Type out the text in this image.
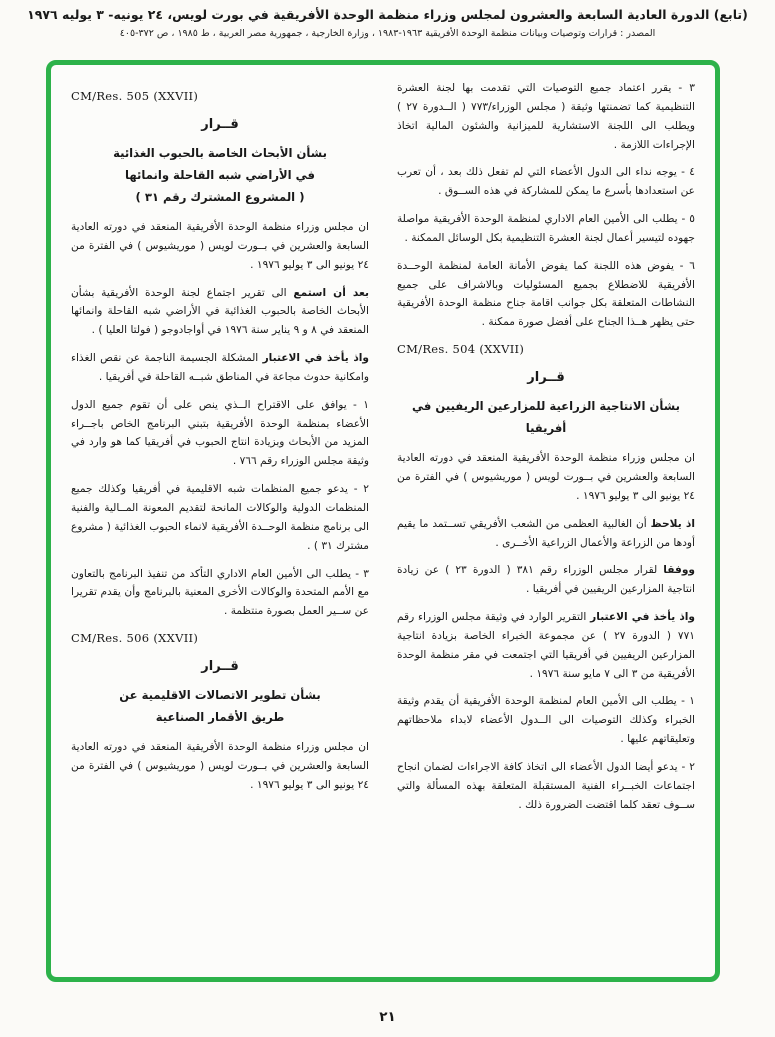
(تابع) الدورة العادية السابعة والعشرون لمجلس وزراء منظمة الوحدة الأفريقية في بورت لويس، ٢٤ يونيه- ٣ يوليه ١٩٧٦
المصدر : قرارات وتوصيات وبيانات منظمة الوحدة الأفريقية ١٩٦٣-١٩٨٣ ، وزارة الخارجية ، جمهورية مصر العربية ، ط ١٩٨٥ ، ص ٣٧٢-٤٠٥
٣ - يقرر اعتماد جميع التوصيات التي تقدمت بها لجنة العشرة التنظيمية كما تضمنتها وثيقة ( مجلس الوزراء/٧٧٣ ( الــدورة ٢٧ ) ويطلب الى اللجنة الاستشارية للميزانية والشئون المالية اتخاذ الإجراءات اللازمة .
٤ - يوجه نداء الى الدول الأعضاء التي لم تفعل ذلك بعد ، أن تعرب عن استعدادها بأسرع ما يمكن للمشاركة في هذه الســوق .
٥ - يطلب الى الأمين العام الاداري لمنظمة الوحدة الأفريقية مواصلة جهوده لتيسير أعمال لجنة العشرة التنظيمية بكل الوسائل الممكنة .
٦ - يفوض هذه اللجنة كما يفوض الأمانة العامة لمنظمة الوحــدة الأفريقية للاضطلاع بجميع المسئوليات وبالاشراف على جميع النشاطات المتعلقة بكل جوانب اقامة جناح منظمة الوحدة الأفريقية حتى يظهر هــذا الجناح على أفضل صورة ممكنة .
CM/Res. 504 (XXVII)
قــرار
بشأن الانتاجية الزراعية للمزارعين الريفيين في أفريقيا
ان مجلس وزراء منظمة الوحدة الأفريقية المنعقد في دورته العادية السابعة والعشرين في بــورت لويس ( موريشيوس ) في الفترة من ٢٤ يونيو الى ٣ يوليو ١٩٧٦ .
اذ يلاحظ أن الغالبية العظمى من الشعب الأفريقي تســتمد ما يقيم أودها من الزراعة والأعمال الزراعية الأخــرى .
ووفقا لقرار مجلس الوزراء رقم ٣٨١ ( الدورة ٢٣ ) عن زيادة انتاجية المزارعين الريفيين في أفريقيا .
واذ يأخذ في الاعتبار التقرير الوارد في وثيقة مجلس الوزراء رقم ٧٧١ ( الدورة ٢٧ ) عن مجموعة الخبراء الخاصة بزيادة انتاجية المزارعين الريفيين في أفريقيا التي اجتمعت في مقر منظمة الوحدة الأفريقية من ٣ الى ٧ مايو سنة ١٩٧٦ .
١ - يطلب الى الأمين العام لمنظمة الوحدة الأفريقية أن يقدم وثيقة الخبراء وكذلك التوصيات الى الــدول الأعضاء لابداء ملاحظاتهم وتعليقاتهم عليها .
٢ - يدعو أيضا الدول الأعضاء الى اتخاذ كافة الاجراءات لضمان انجاح اجتماعات الخبــراء الفنية المستقبلة المتعلقة بهذه المسألة والتي ســوف تعقد كلما اقتضت الضرورة ذلك .
CM/Res. 505 (XXVII)
قــرار
بشأن الأبحاث الخاصة بالحبوب الغذائية
في الأراضي شبه القاحلة وانمائها
( المشروع المشترك رقم ٣١ )
ان مجلس وزراء منظمة الوحدة الأفريقية المنعقد في دورته العادية السابعة والعشرين في بــورت لويس ( موريشيوس ) في الفترة من ٢٤ يونيو الى ٣ يوليو ١٩٧٦ .
بعد أن استمع الى تقرير اجتماع لجنة الوحدة الأفريقية بشأن الأبحاث الخاصة بالحبوب الغذائية في الأراضي شبه القاحلة وانمائها المنعقد في ٨ و ٩ يناير سنة ١٩٧٦ في أواجادوجو ( فولتا العليا ) .
واذ يأخذ في الاعتبار المشكلة الجسيمة الناجمة عن نقص الغذاء وامكانية حدوث مجاعة في المناطق شبــه القاحلة في أفريقيا .
١ - يوافق على الاقتراح الــذي ينص على أن تقوم جميع الدول الأعضاء بمنظمة الوحدة الأفريقية بتبني البرنامج الخاص باجــراء المزيد من الأبحاث وبزيادة انتاج الحبوب في أفريقيا كما هو وارد في وثيقة مجلس الوزراء رقم ٧٦٦ .
٢ - يدعو جميع المنظمات شبه الاقليمية في أفريقيا وكذلك جميع المنظمات الدولية والوكالات المانحة لتقديم المعونة المــالية والفنية الى برنامج منظمة الوحــدة الأفريقية لانماء الحبوب الغذائية ( مشروع مشترك ٣١ ) .
٣ - يطلب الى الأمين العام الاداري التأكد من تنفيذ البرنامج بالتعاون مع الأمم المتحدة والوكالات الأخرى المعنية بالبرنامج وأن يقدم تقريرا عن ســير العمل بصورة منتظمة .
CM/Res. 506 (XXVII)
قــرار
بشأن تطوير الاتصالات الاقليمية عن
طريق الأقمار الصناعية
ان مجلس وزراء منظمة الوحدة الأفريقية المنعقد في دورته العادية السابعة والعشرين في بــورت لويس ( موريشيوس ) في الفترة من ٢٤ يونيو الى ٣ يوليو ١٩٧٦ .
٢١
